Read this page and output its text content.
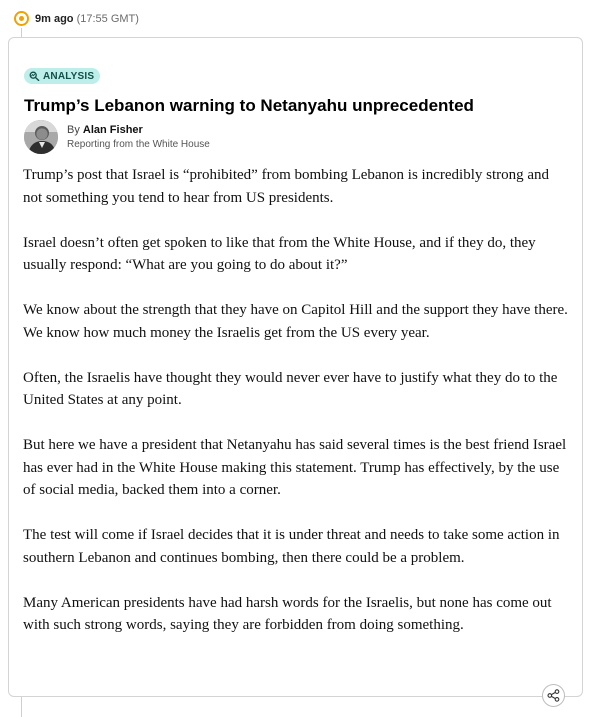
9m ago (17:55 GMT)
ANALYSIS
Trump’s Lebanon warning to Netanyahu unprecedented
By Alan Fisher
Reporting from the White House

Trump’s post that Israel is “prohibited” from bombing Lebanon is incredibly strong and not something you tend to hear from US presidents.

Israel doesn’t often get spoken to like that from the White House, and if they do, they usually respond: “What are you going to do about it?”

We know about the strength that they have on Capitol Hill and the support they have there. We know how much money the Israelis get from the US every year.

Often, the Israelis have thought they would never ever have to justify what they do to the United States at any point.

But here we have a president that Netanyahu has said several times is the best friend Israel has ever had in the White House making this statement. Trump has effectively, by the use of social media, backed them into a corner.

The test will come if Israel decides that it is under threat and needs to take some action in southern Lebanon and continues bombing, then there could be a problem.

Many American presidents have had harsh words for the Israelis, but none has come out with such strong words, saying they are forbidden from doing something.
